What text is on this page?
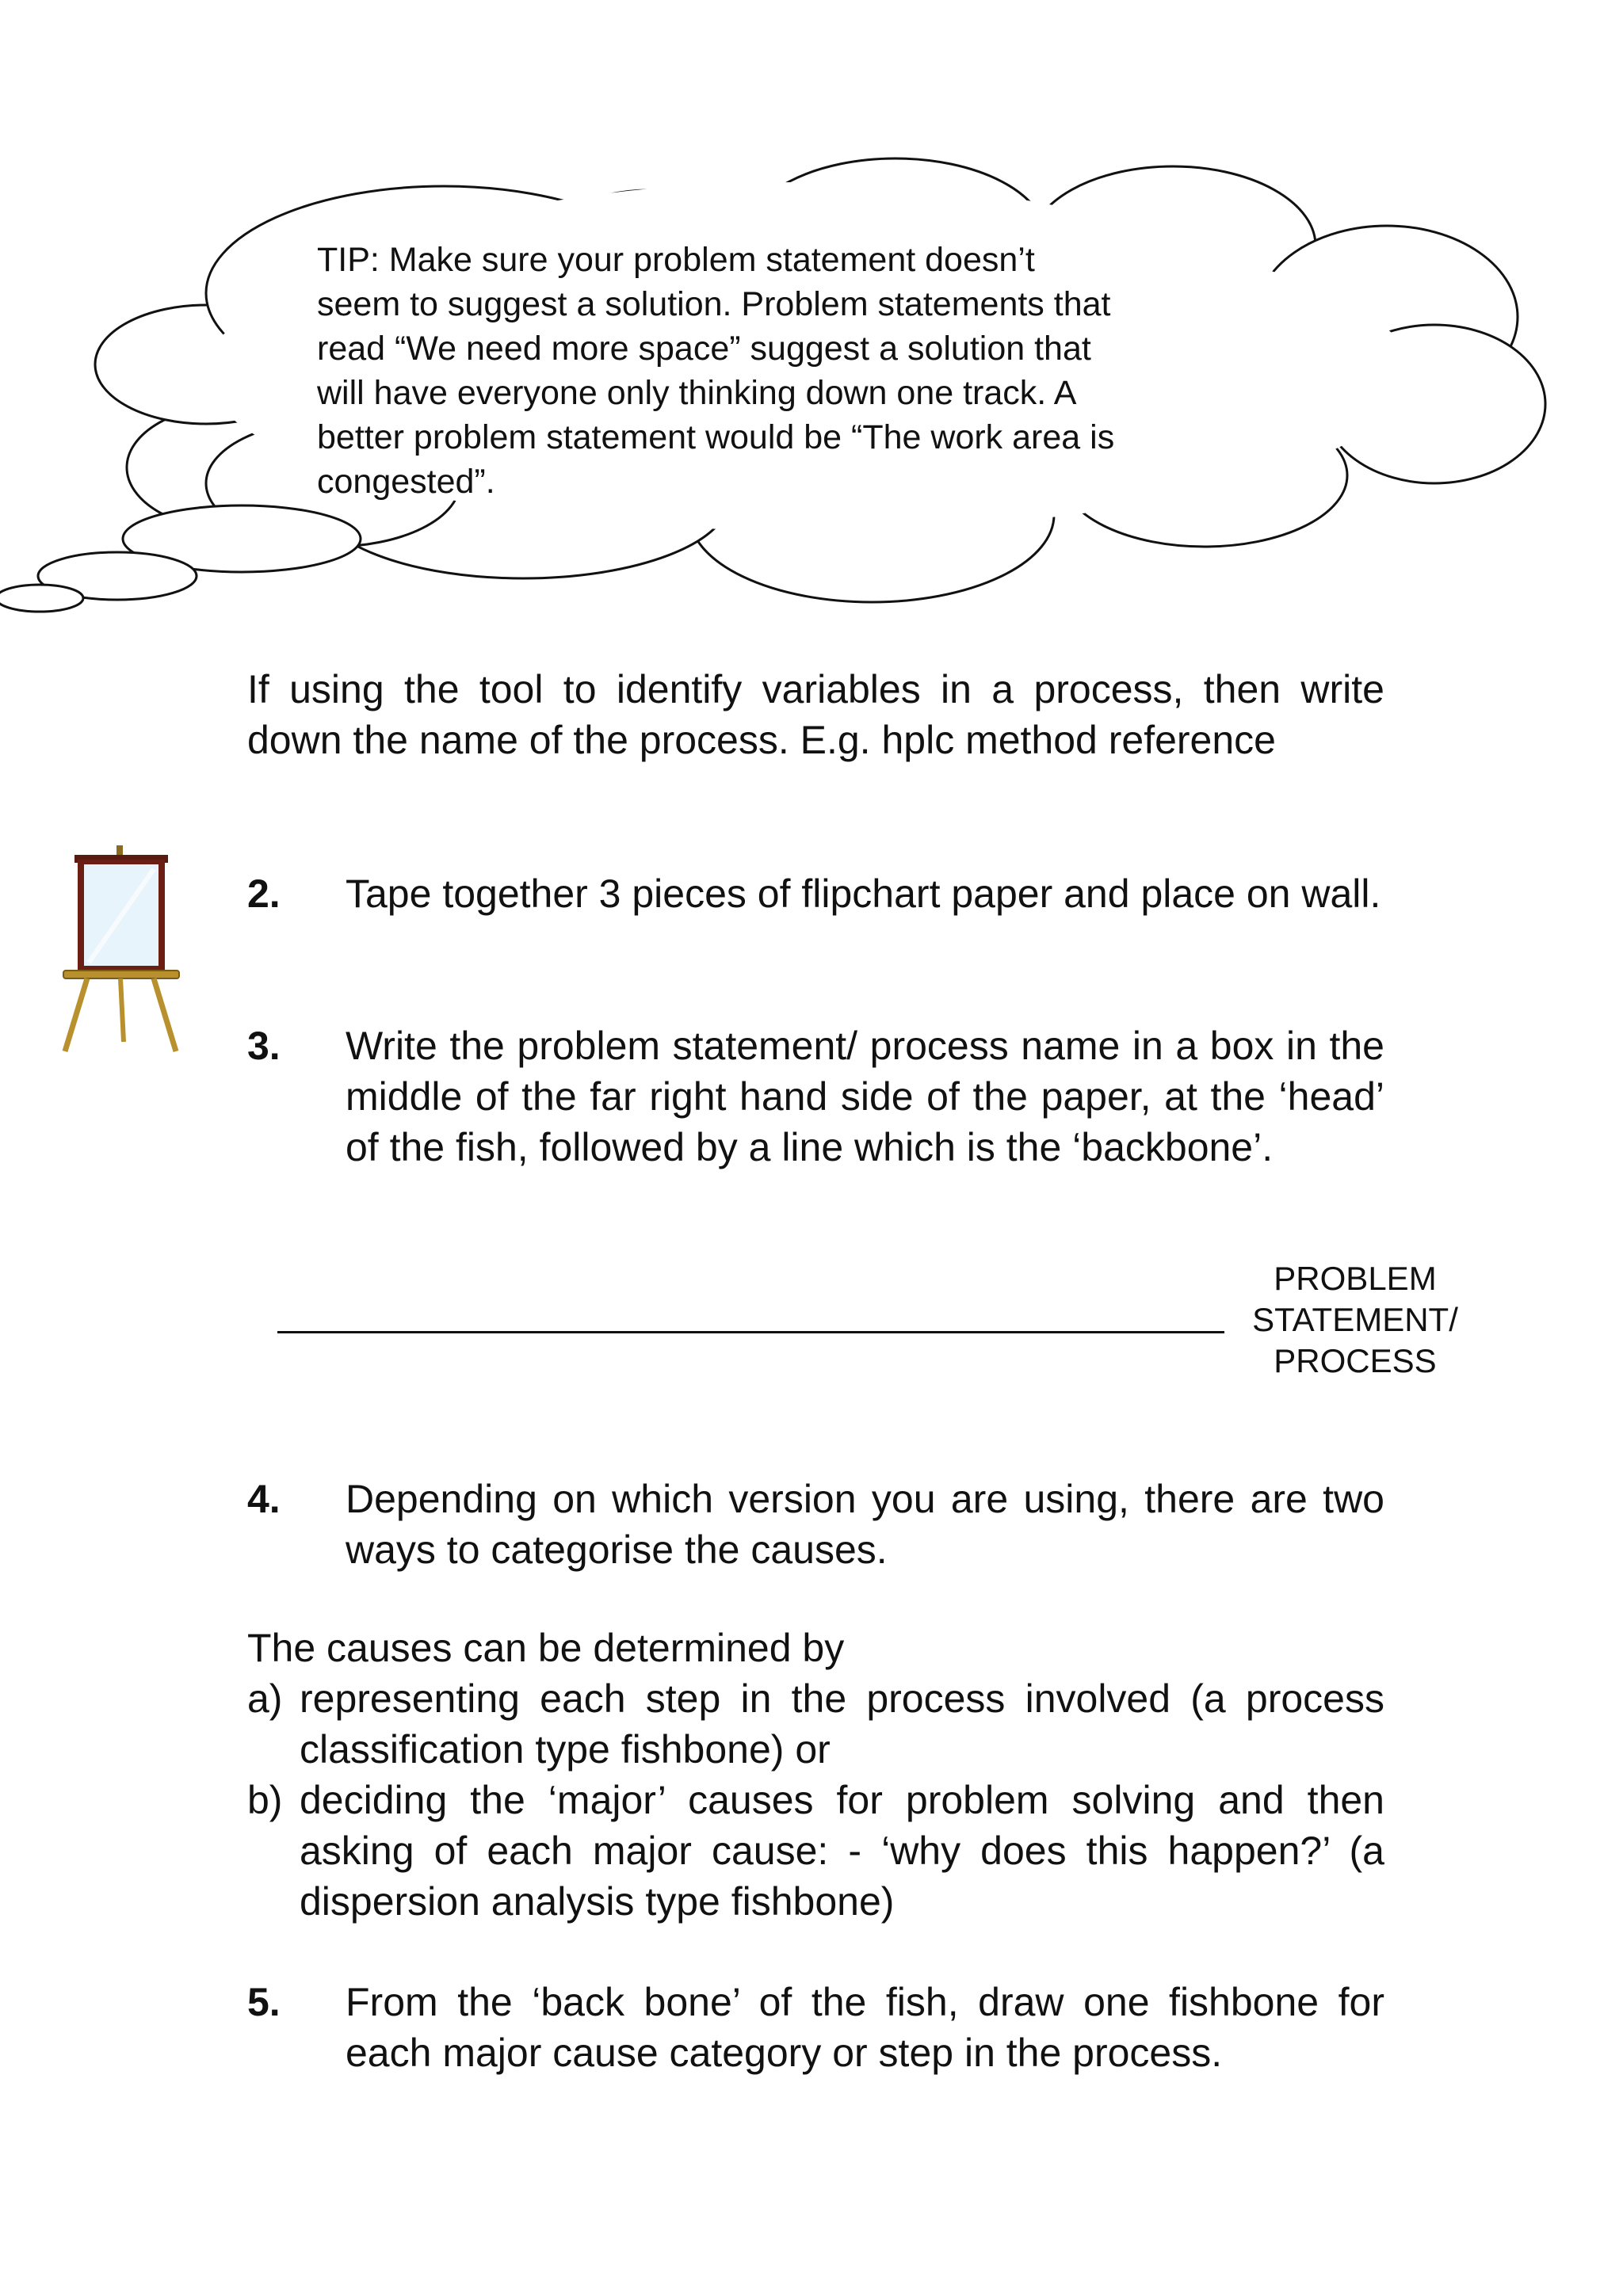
TIP: Make sure your problem statement doesn’t

seem to suggest a solution. Problem statements that

read “We need more space” suggest a solution that

will have everyone only thinking down one track. A

better problem statement would be “The work area is

congested”.

If using the tool to identify variables in a process, then write down the name of the process. E.g. hplc method reference

2. Tape together 3 pieces of flipchart paper and place on wall.
3. Write the problem statement/ process name in a box in the middle of the far right hand side of the paper, at the ‘head’ of the fish, followed by a line which is the ‘backbone’.
PROBLEM
STATEMENT/
PROCESS
4. Depending on which version you are using, there are two ways to categorise the causes.

The causes can be determined by

a) representing each step in the process involved (a process classification type fishbone) or

b) deciding the ‘major’ causes for problem solving and then asking of each major cause: - ‘why does this happen?’ (a dispersion analysis type fishbone)

5. From the ‘back bone’ of the fish, draw one fishbone for each major cause category or step in the process.
